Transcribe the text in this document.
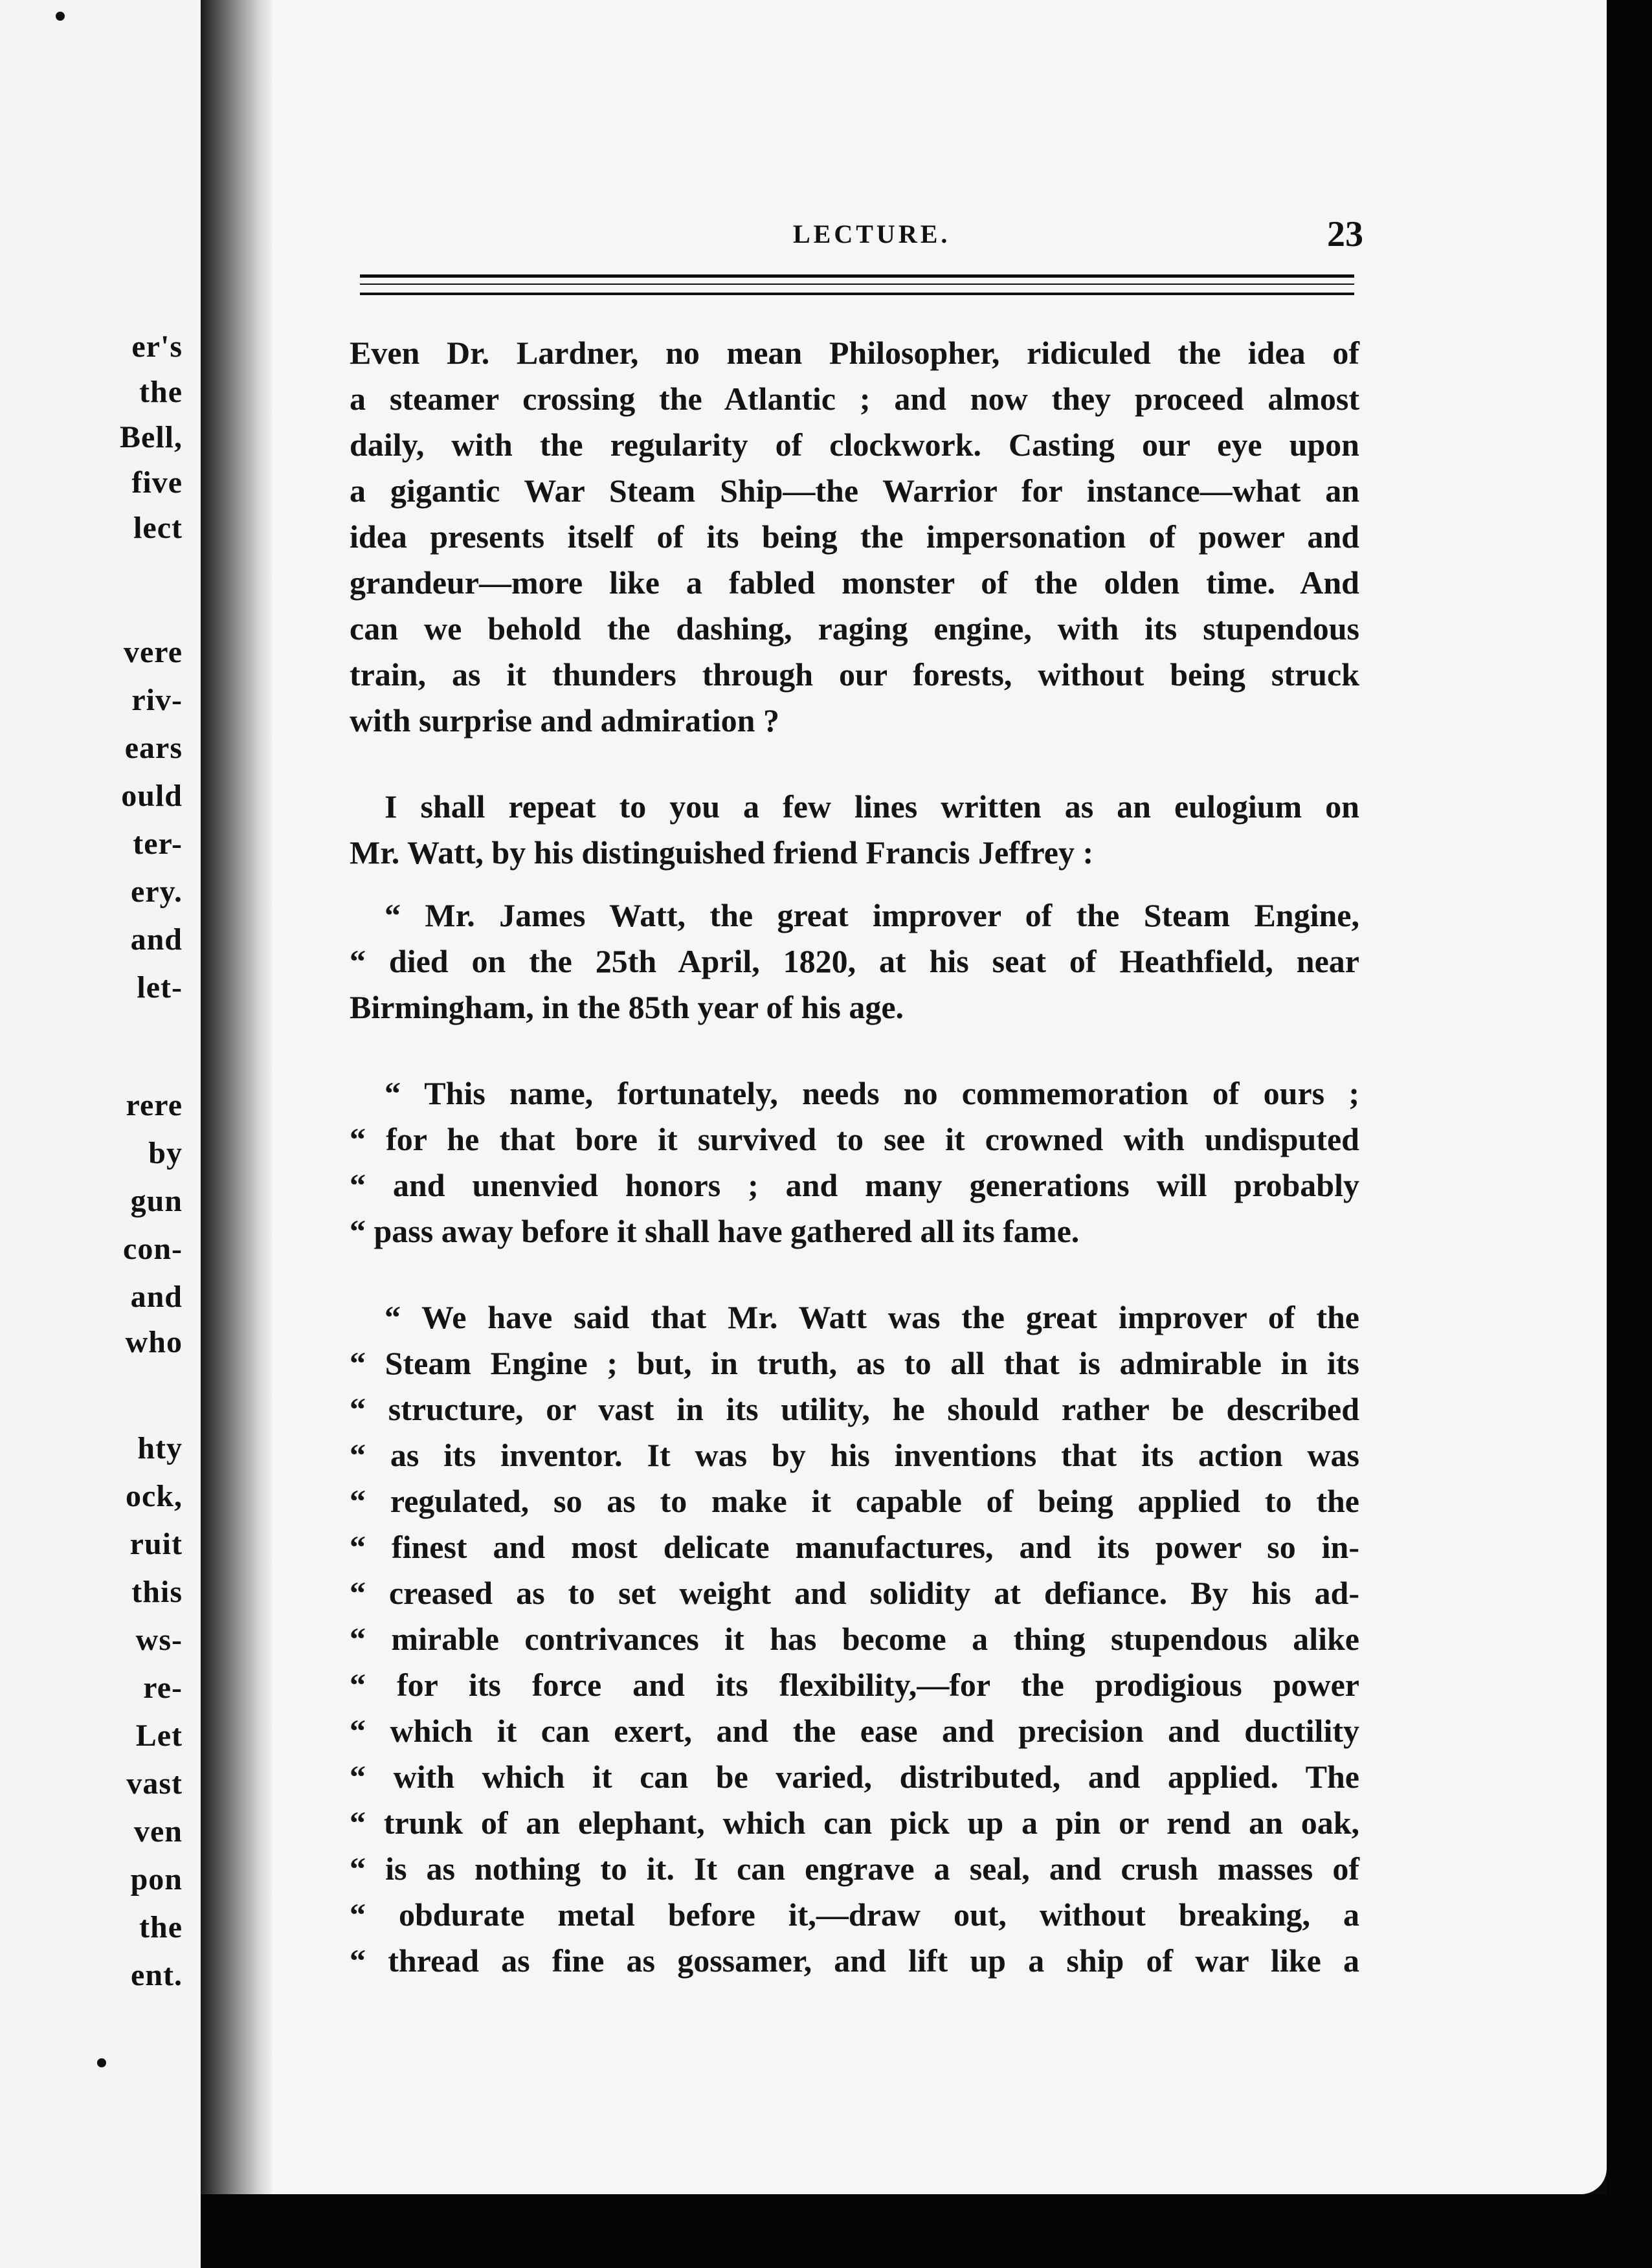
er's
the
Bell,
five
lect
vere
riv-
ears
ould
ter-
ery.
and
let-
rere
by
gun
con-
and
who
hty
ock,
ruit
this
ws-
re-
Let
vast
ven
pon
the
ent.
LECTURE.	23
Even Dr. Lardner, no mean Philosopher, ridiculed the idea of
a steamer crossing the Atlantic ; and now they proceed almost
daily, with the regularity of clockwork. Casting our eye upon
a gigantic War Steam Ship—the Warrior for instance—what an
idea presents itself of its being the impersonation of power and
grandeur—more like a fabled monster of the olden time. And
can we behold the dashing, raging engine, with its stupendous
train, as it thunders through our forests, without being struck
with surprise and admiration ?
I shall repeat to you a few lines written as an eulogium on
Mr. Watt, by his distinguished friend Francis Jeffrey :
“ Mr. James Watt, the great improver of the Steam Engine,
“ died on the 25th April, 1820, at his seat of Heathfield, near
Birmingham, in the 85th year of his age.
“ This name, fortunately, needs no commemoration of ours ;
“ for he that bore it survived to see it crowned with undisputed
“ and unenvied honors ; and many generations will probably
“ pass away before it shall have gathered all its fame.
“ We have said that Mr. Watt was the great improver of the
“ Steam Engine ; but, in truth, as to all that is admirable in its
“ structure, or vast in its utility, he should rather be described
“ as its inventor. It was by his inventions that its action was
“ regulated, so as to make it capable of being applied to the
“ finest and most delicate manufactures, and its power so in-
“ creased as to set weight and solidity at defiance. By his ad-
“ mirable contrivances it has become a thing stupendous alike
“ for its force and its flexibility,—for the prodigious power
“ which it can exert, and the ease and precision and ductility
“ with which it can be varied, distributed, and applied. The
“ trunk of an elephant, which can pick up a pin or rend an oak,
“ is as nothing to it. It can engrave a seal, and crush masses of
“ obdurate metal before it,—draw out, without breaking, a
“ thread as fine as gossamer, and lift up a ship of war like a
